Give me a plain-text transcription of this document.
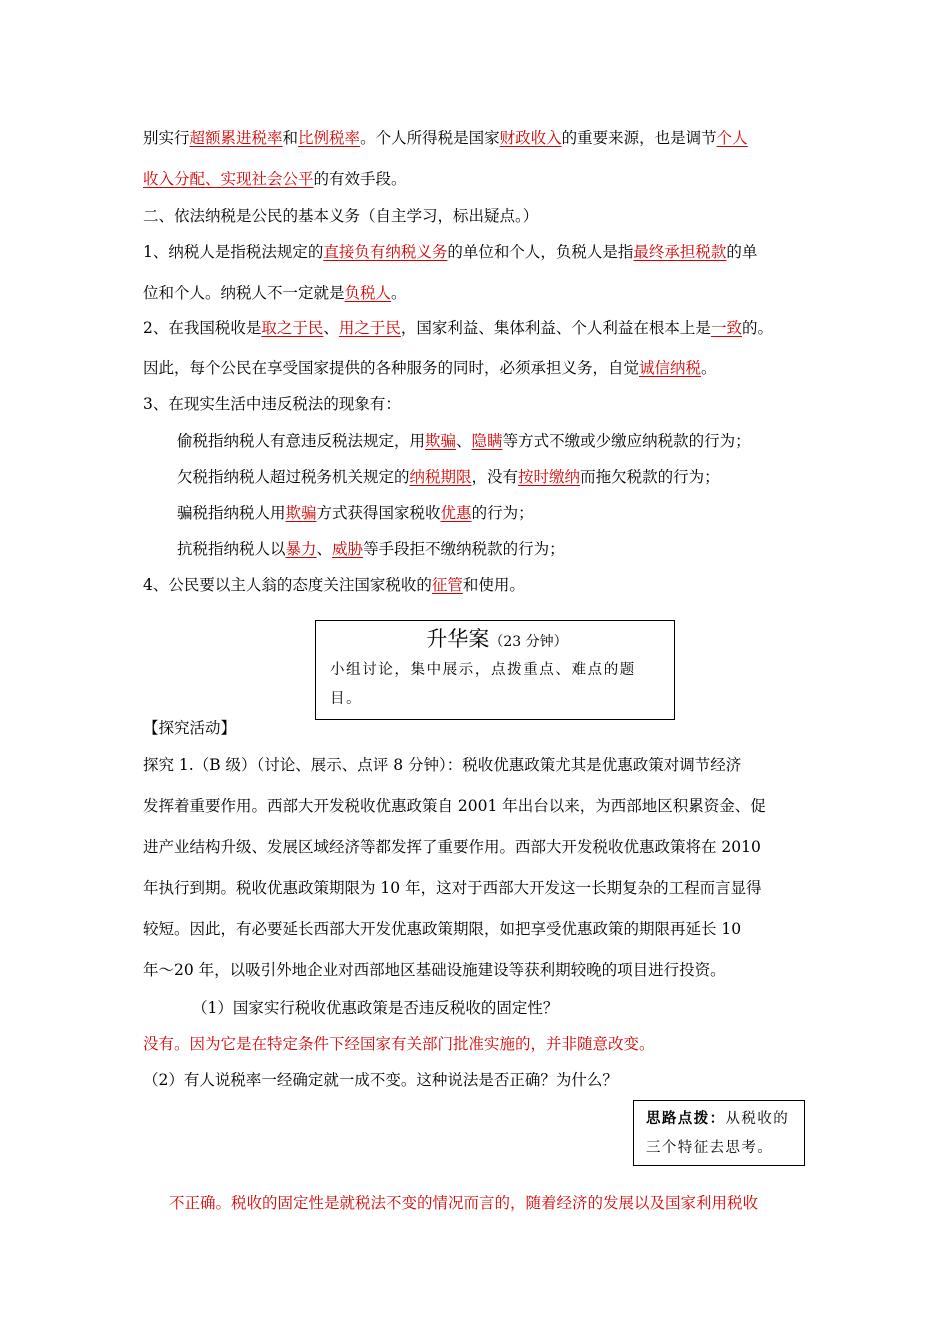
别实行超额累进税率和比例税率。个人所得税是国家财政收入的重要来源，也是调节个人
收入分配、实现社会公平的有效手段。
二、依法纳税是公民的基本义务（自主学习，标出疑点。）
1、纳税人是指税法规定的直接负有纳税义务的单位和个人，负税人是指最终承担税款的单
位和个人。纳税人不一定就是负税人。
2、在我国税收是取之于民、用之于民，国家利益、集体利益、个人利益在根本上是一致的。
因此，每个公民在享受国家提供的各种服务的同时，必须承担义务，自觉诚信纳税。
3、在现实生活中违反税法的现象有：
偷税指纳税人有意违反税法规定，用欺骗、隐瞒等方式不缴或少缴应纳税款的行为；
欠税指纳税人超过税务机关规定的纳税期限，没有按时缴纳而拖欠税款的行为；
骗税指纳税人用欺骗方式获得国家税收优惠的行为；
抗税指纳税人以暴力、威胁等手段拒不缴纳税款的行为；
4、公民要以主人翁的态度关注国家税收的征管和使用。
【探究活动】
探究 1.（B 级）（讨论、展示、点评 8 分钟）：税收优惠政策尤其是优惠政策对调节经济
发挥着重要作用。西部大开发税收优惠政策自 2001 年出台以来，为西部地区积累资金、促
进产业结构升级、发展区域经济等都发挥了重要作用。西部大开发税收优惠政策将在 2010
年执行到期。税收优惠政策期限为 10 年，这对于西部大开发这一长期复杂的工程而言显得
较短。因此，有必要延长西部大开发优惠政策期限，如把享受优惠政策的期限再延长 10
年～20 年，以吸引外地企业对西部地区基础设施建设等获利期较晚的项目进行投资。
（1）国家实行税收优惠政策是否违反税收的固定性？
没有。因为它是在特定条件下经国家有关部门批准实施的，并非随意改变。
（2）有人说税率一经确定就一成不变。这种说法是否正确？为什么？
不正确。税收的固定性是就税法不变的情况而言的，随着经济的发展以及国家利用税收
升华案（23 分钟）
小组讨论，集中展示，点拨重点、难点的题目。
思路点拨：从税收的三个特征去思考。
